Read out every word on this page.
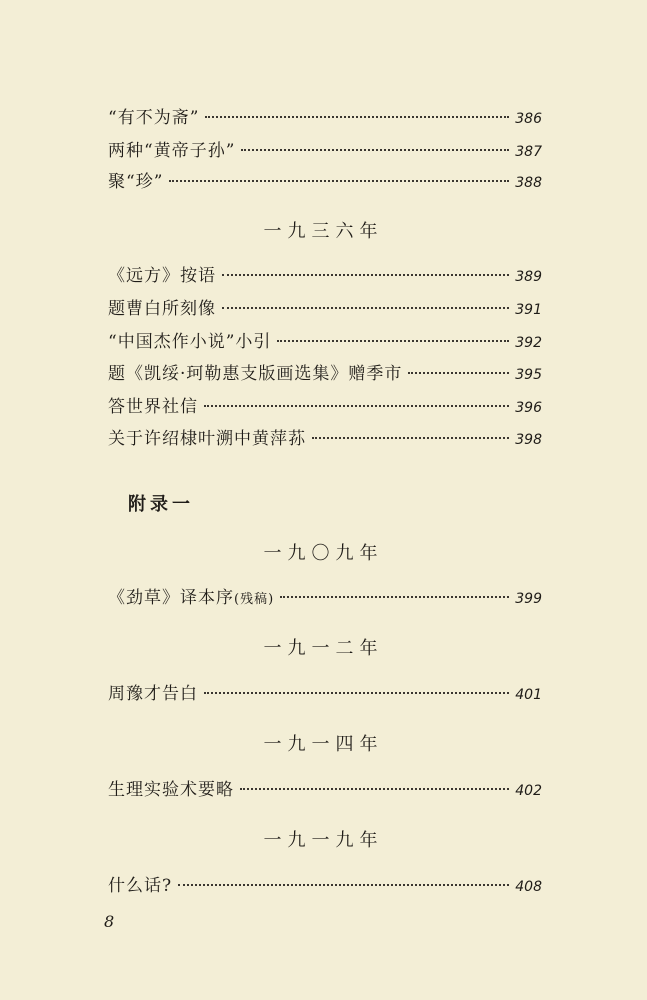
“有不为斋”	386
两种“黄帝子孙”	387
聚“珍”	388
一九三六年
《远方》按语	389
题曹白所刻像	391
“中国杰作小说”小引	392
题《凯绥·珂勒惠支版画选集》赠季市	395
答世界社信	396
关于许绍棣叶溯中黄萍荪	398
附录一
一九〇九年
《劲草》译本序(残稿)	399
一九一二年
周豫才告白	401
一九一四年
生理实验术要略	402
一九一九年
什么话?	408
8
